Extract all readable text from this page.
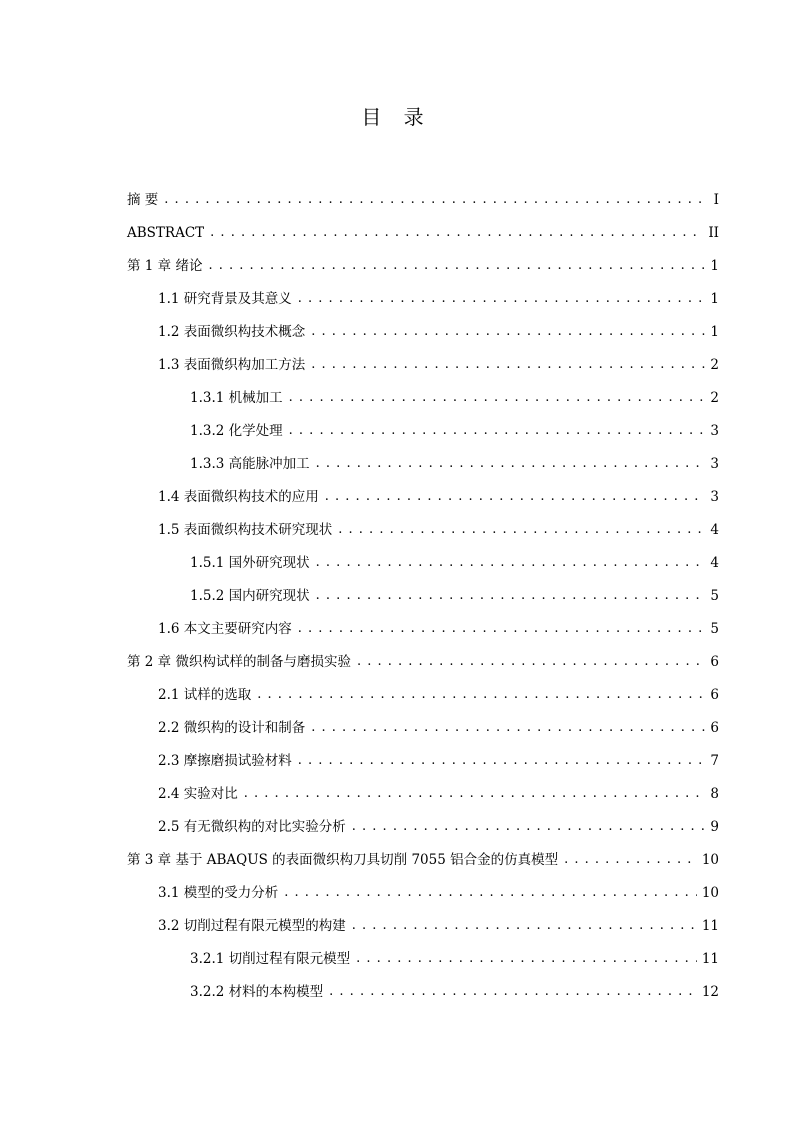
目 录
摘 要 . . .	I
ABSTRACT . . .	II
第 1 章 绪论 . . .	1
1.1 研究背景及其意义 . . .	1
1.2 表面微织构技术概念 . . .	1
1.3 表面微织构加工方法 . . .	2
1.3.1 机械加工 . . .	2
1.3.2 化学处理 . . .	3
1.3.3 高能脉冲加工 . . .	3
1.4 表面微织构技术的应用 . . .	3
1.5 表面微织构技术研究现状 . . .	4
1.5.1 国外研究现状 . . .	4
1.5.2 国内研究现状 . . .	5
1.6 本文主要研究内容 . . .	5
第 2 章 微织构试样的制备与磨损实验 . . .	6
2.1 试样的选取 . . .	6
2.2 微织构的设计和制备 . . .	6
2.3 摩擦磨损试验材料 . . .	7
2.4 实验对比 . . .	8
2.5 有无微织构的对比实验分析 . . .	9
第 3 章 基于 ABAQUS 的表面微织构刀具切削 7055 铝合金的仿真模型 . . .	10
3.1 模型的受力分析 . . .	10
3.2 切削过程有限元模型的构建 . . .	11
3.2.1 切削过程有限元模型 . . .	11
3.2.2 材料的本构模型 . . .	12
